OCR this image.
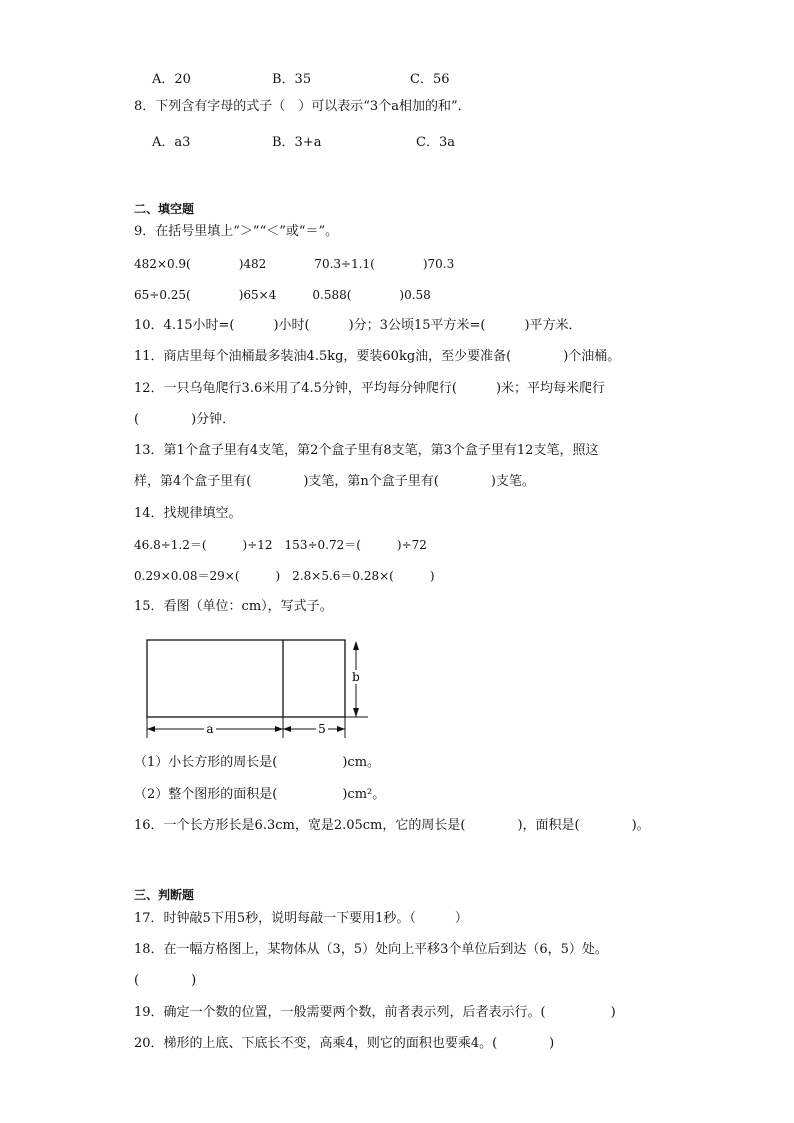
A．20	B．35	C．56
8．下列含有字母的式子（　）可以表示“3个a相加的和”．
A．a3	B．3+a	C．3a
二、填空题
9．在括号里填上“＞”“＜”或“＝”。
482×0.9(　　　　)482　　　　70.3÷1.1(　　　　)70.3
65÷0.25(　　　　)65×4　　　0.588(　　　　)0.58
10．4.15小时=(　　　)小时(　　　)分；3公顷15平方米=(　　　)平方米．
11．商店里每个油桶最多装油4.5kg，要装60kg油，至少要准备(　　　　)个油桶。
12．一只乌龟爬行3.6米用了4.5分钟，平均每分钟爬行(　　　)米；平均每米爬行
(　　　　)分钟．
13．第1个盒子里有4支笔，第2个盒子里有8支笔，第3个盒子里有12支笔，照这
样，第4个盒子里有(　　　　)支笔，第n个盒子里有(　　　　)支笔。
14．找规律填空。
46.8÷1.2＝(　　　)÷12　153÷0.72＝(　　　)÷72
0.29×0.08＝29×(　　　)　2.8×5.6＝0.28×(　　　)
15．看图（单位：cm），写式子。
a	5
b
（1）小长方形的周长是(　　　　　)cm。
（2）整个图形的面积是(　　　　　)cm²。
16．一个长方形长是6.3cm，宽是2.05cm，它的周长是(　　　　)，面积是(　　　　)。
三、判断题
17．时钟敲5下用5秒，说明每敲一下要用1秒。（　　　）
18．在一幅方格图上，某物体从（3，5）处向上平移3个单位后到达（6，5）处。
(　　　　)
19．确定一个数的位置，一般需要两个数，前者表示列，后者表示行。(　　　　　)
20．梯形的上底、下底长不变，高乘4，则它的面积也要乘4。(　　　　)
